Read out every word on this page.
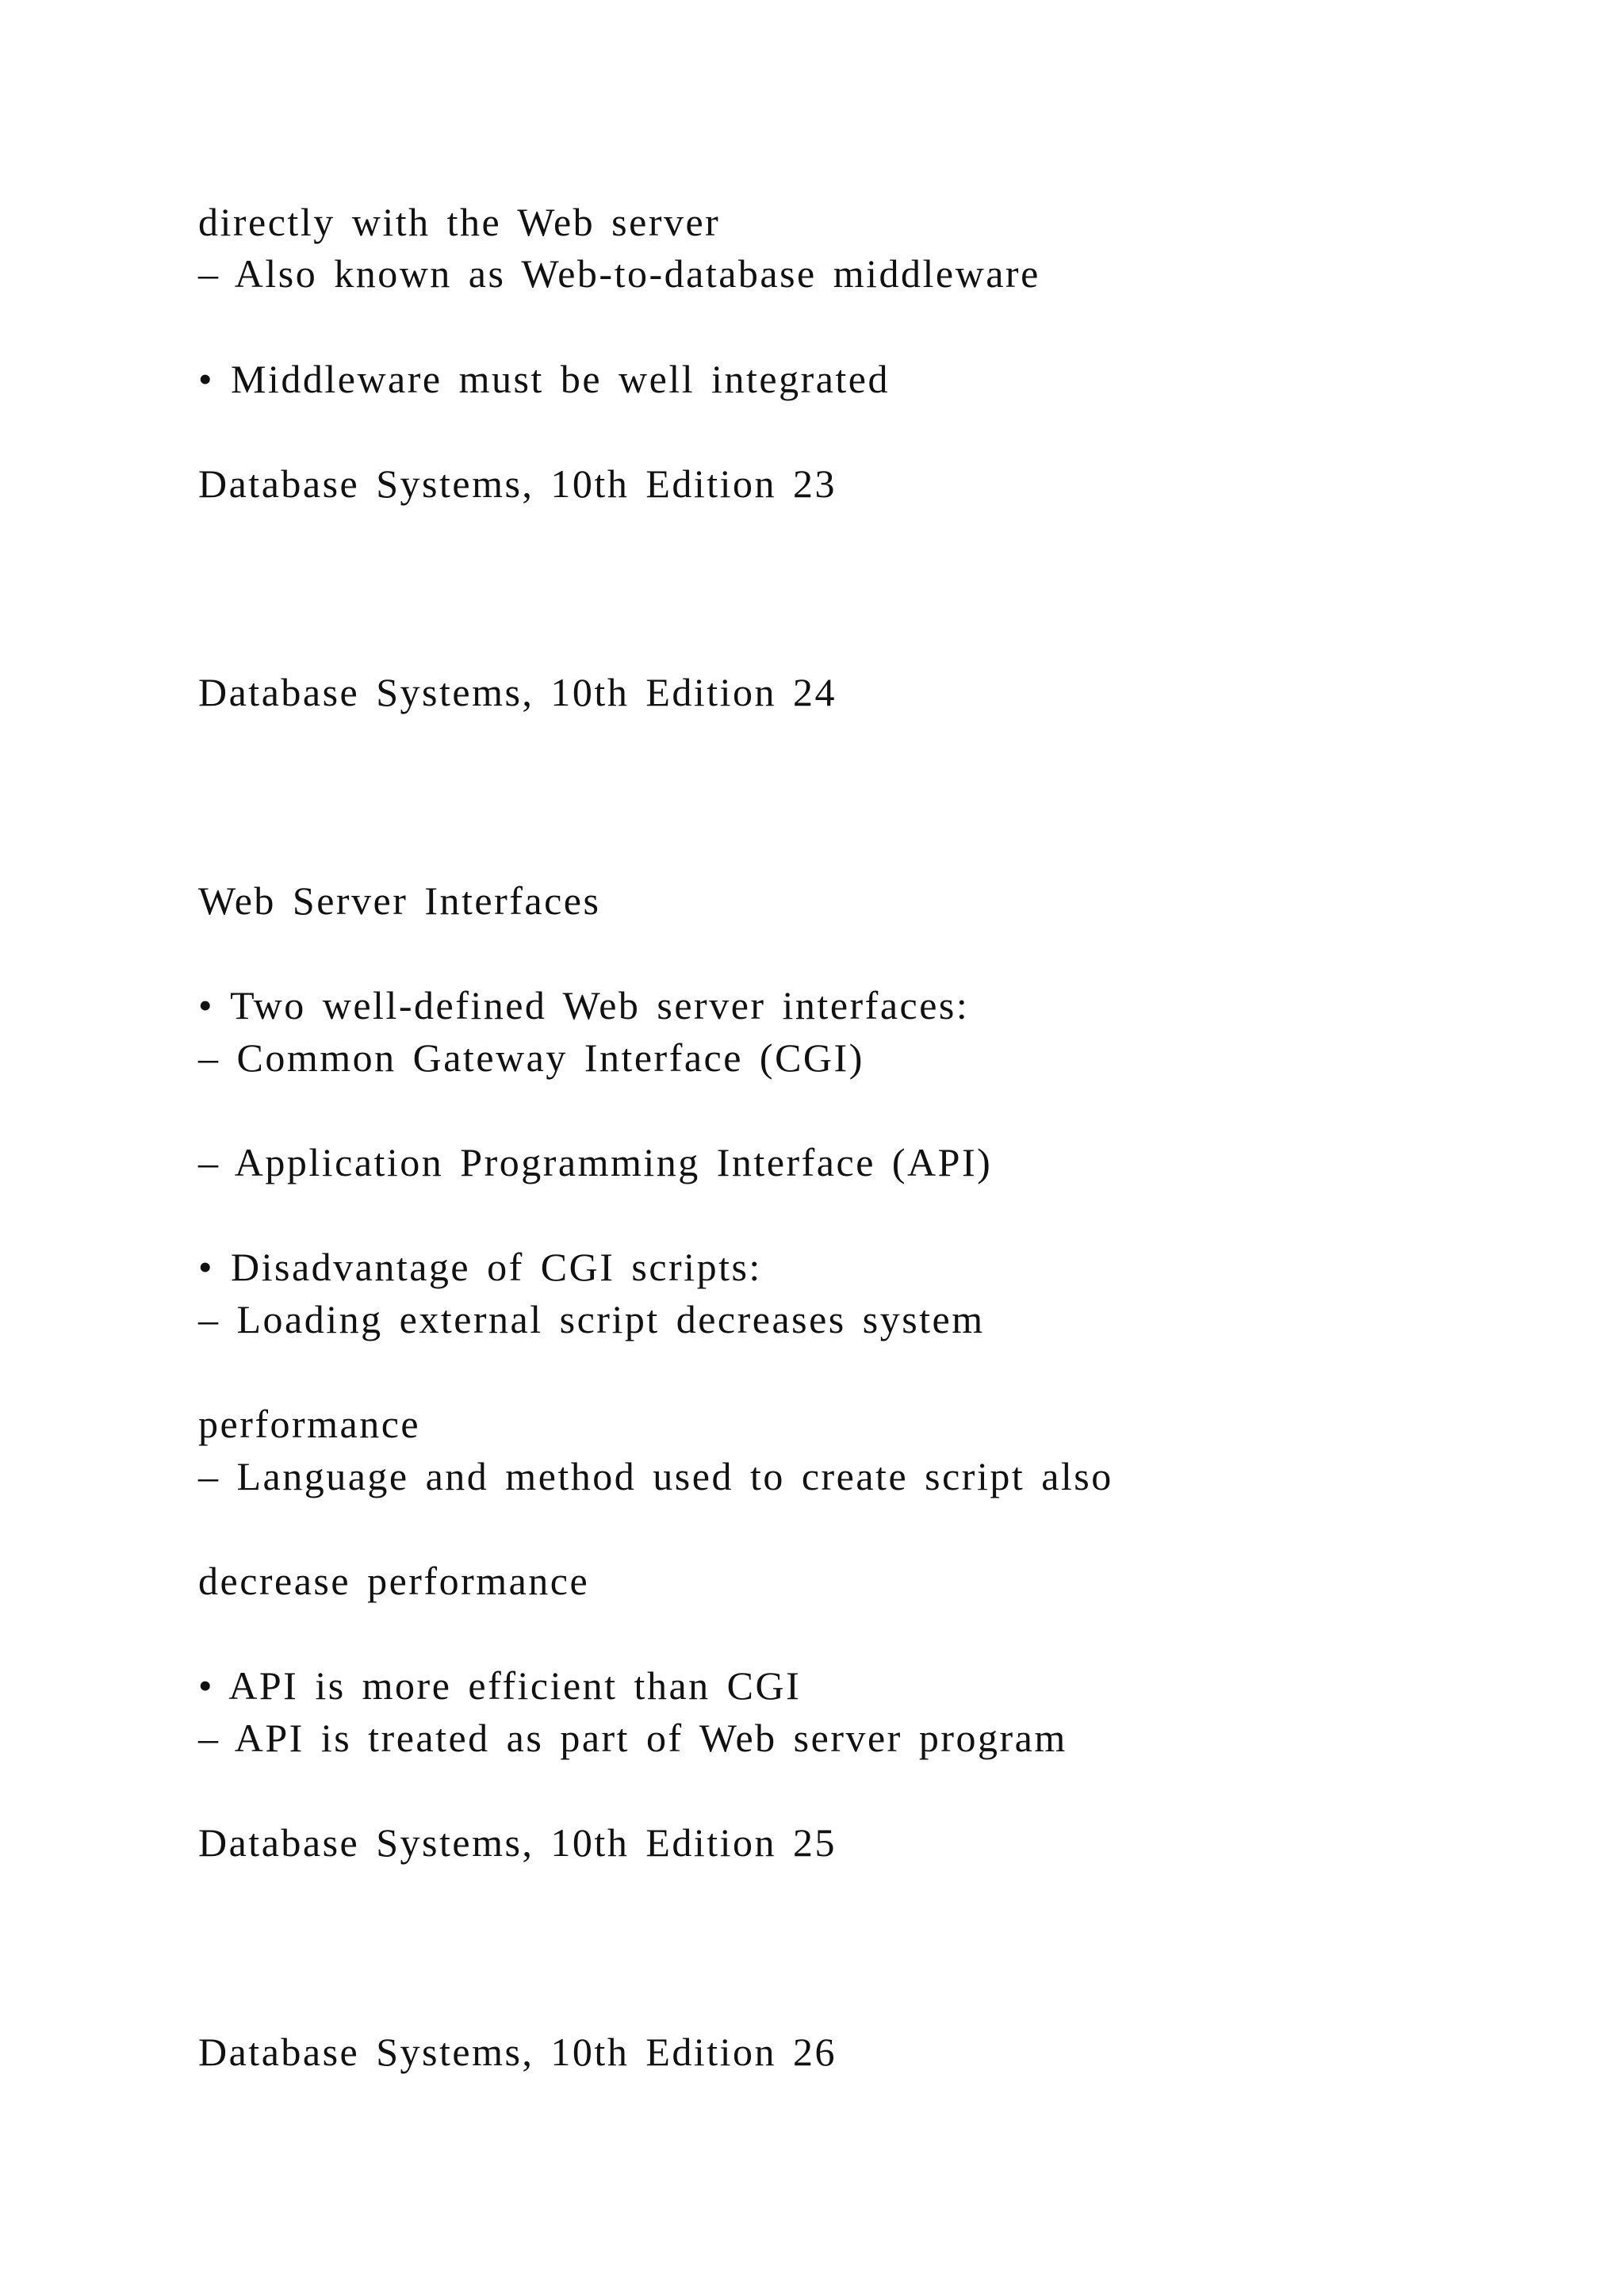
directly with the Web server

– Also known as Web-to-database middleware

• Middleware must be well integrated

Database Systems, 10th Edition 23

Database Systems, 10th Edition 24

Web Server Interfaces

• Two well-defined Web server interfaces:

– Common Gateway Interface (CGI)

– Application Programming Interface (API)

• Disadvantage of CGI scripts:

– Loading external script decreases system

performance

– Language and method used to create script also

decrease performance

• API is more efficient than CGI

– API is treated as part of Web server program

Database Systems, 10th Edition 25

Database Systems, 10th Edition 26
